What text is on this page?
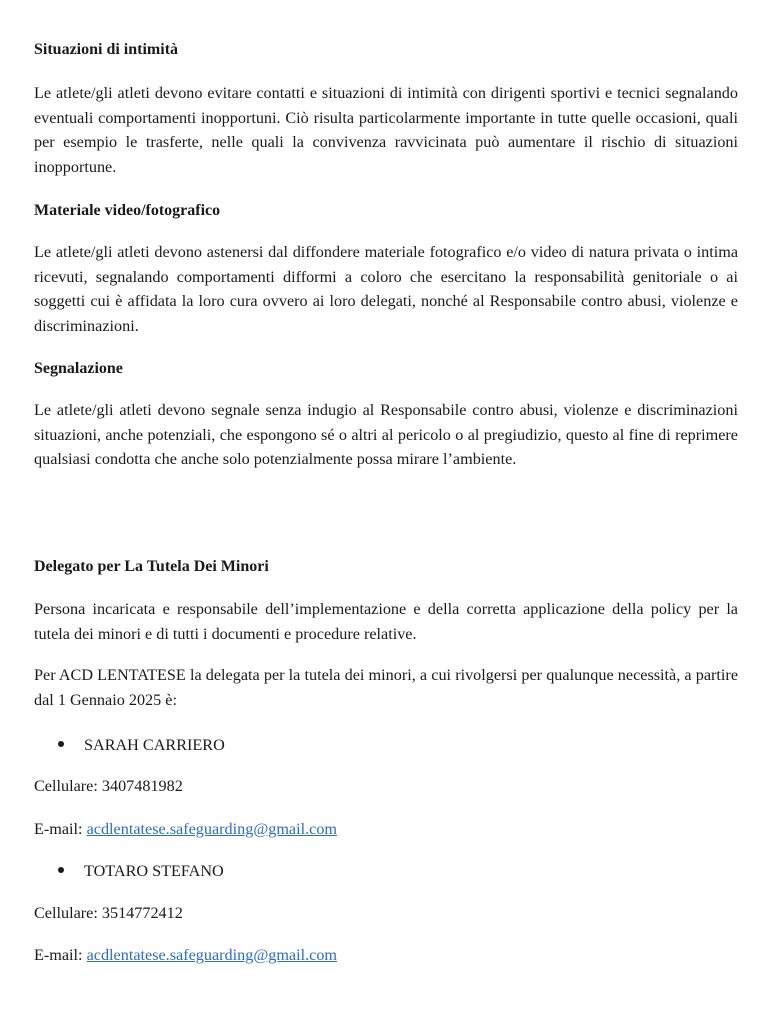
Situazioni di intimità

Le atlete/gli atleti devono evitare contatti e situazioni di intimità con dirigenti sportivi e tecnici segnalando eventuali comportamenti inopportuni. Ciò risulta particolarmente importante in tutte quelle occasioni, quali per esempio le trasferte, nelle quali la convivenza ravvicinata può aumentare il rischio di situazioni inopportune.

Materiale video/fotografico

Le atlete/gli atleti devono astenersi dal diffondere materiale fotografico e/o video di natura privata o intima ricevuti, segnalando comportamenti difformi a coloro che esercitano la responsabilità genitoriale o ai soggetti cui è affidata la loro cura ovvero ai loro delegati, nonché al Responsabile contro abusi, violenze e discriminazioni.

Segnalazione

Le atlete/gli atleti devono segnale senza indugio al Responsabile contro abusi, violenze e discriminazioni situazioni, anche potenziali, che espongono sé o altri al pericolo o al pregiudizio, questo al fine di reprimere qualsiasi condotta che anche solo potenzialmente possa mirare l’ambiente.

Delegato per La Tutela Dei Minori

Persona incaricata e responsabile dell’implementazione e della corretta applicazione della policy per la tutela dei minori e di tutti i documenti e procedure relative.

Per ACD LENTATESE la delegata per la tutela dei minori, a cui rivolgersi per qualunque necessità, a partire dal 1 Gennaio 2025 è:

SARAH CARRIERO
Cellulare: 3407481982
E-mail: acdlentatese.safeguarding@gmail.com
TOTARO STEFANO
Cellulare: 3514772412
E-mail: acdlentatese.safeguarding@gmail.com
